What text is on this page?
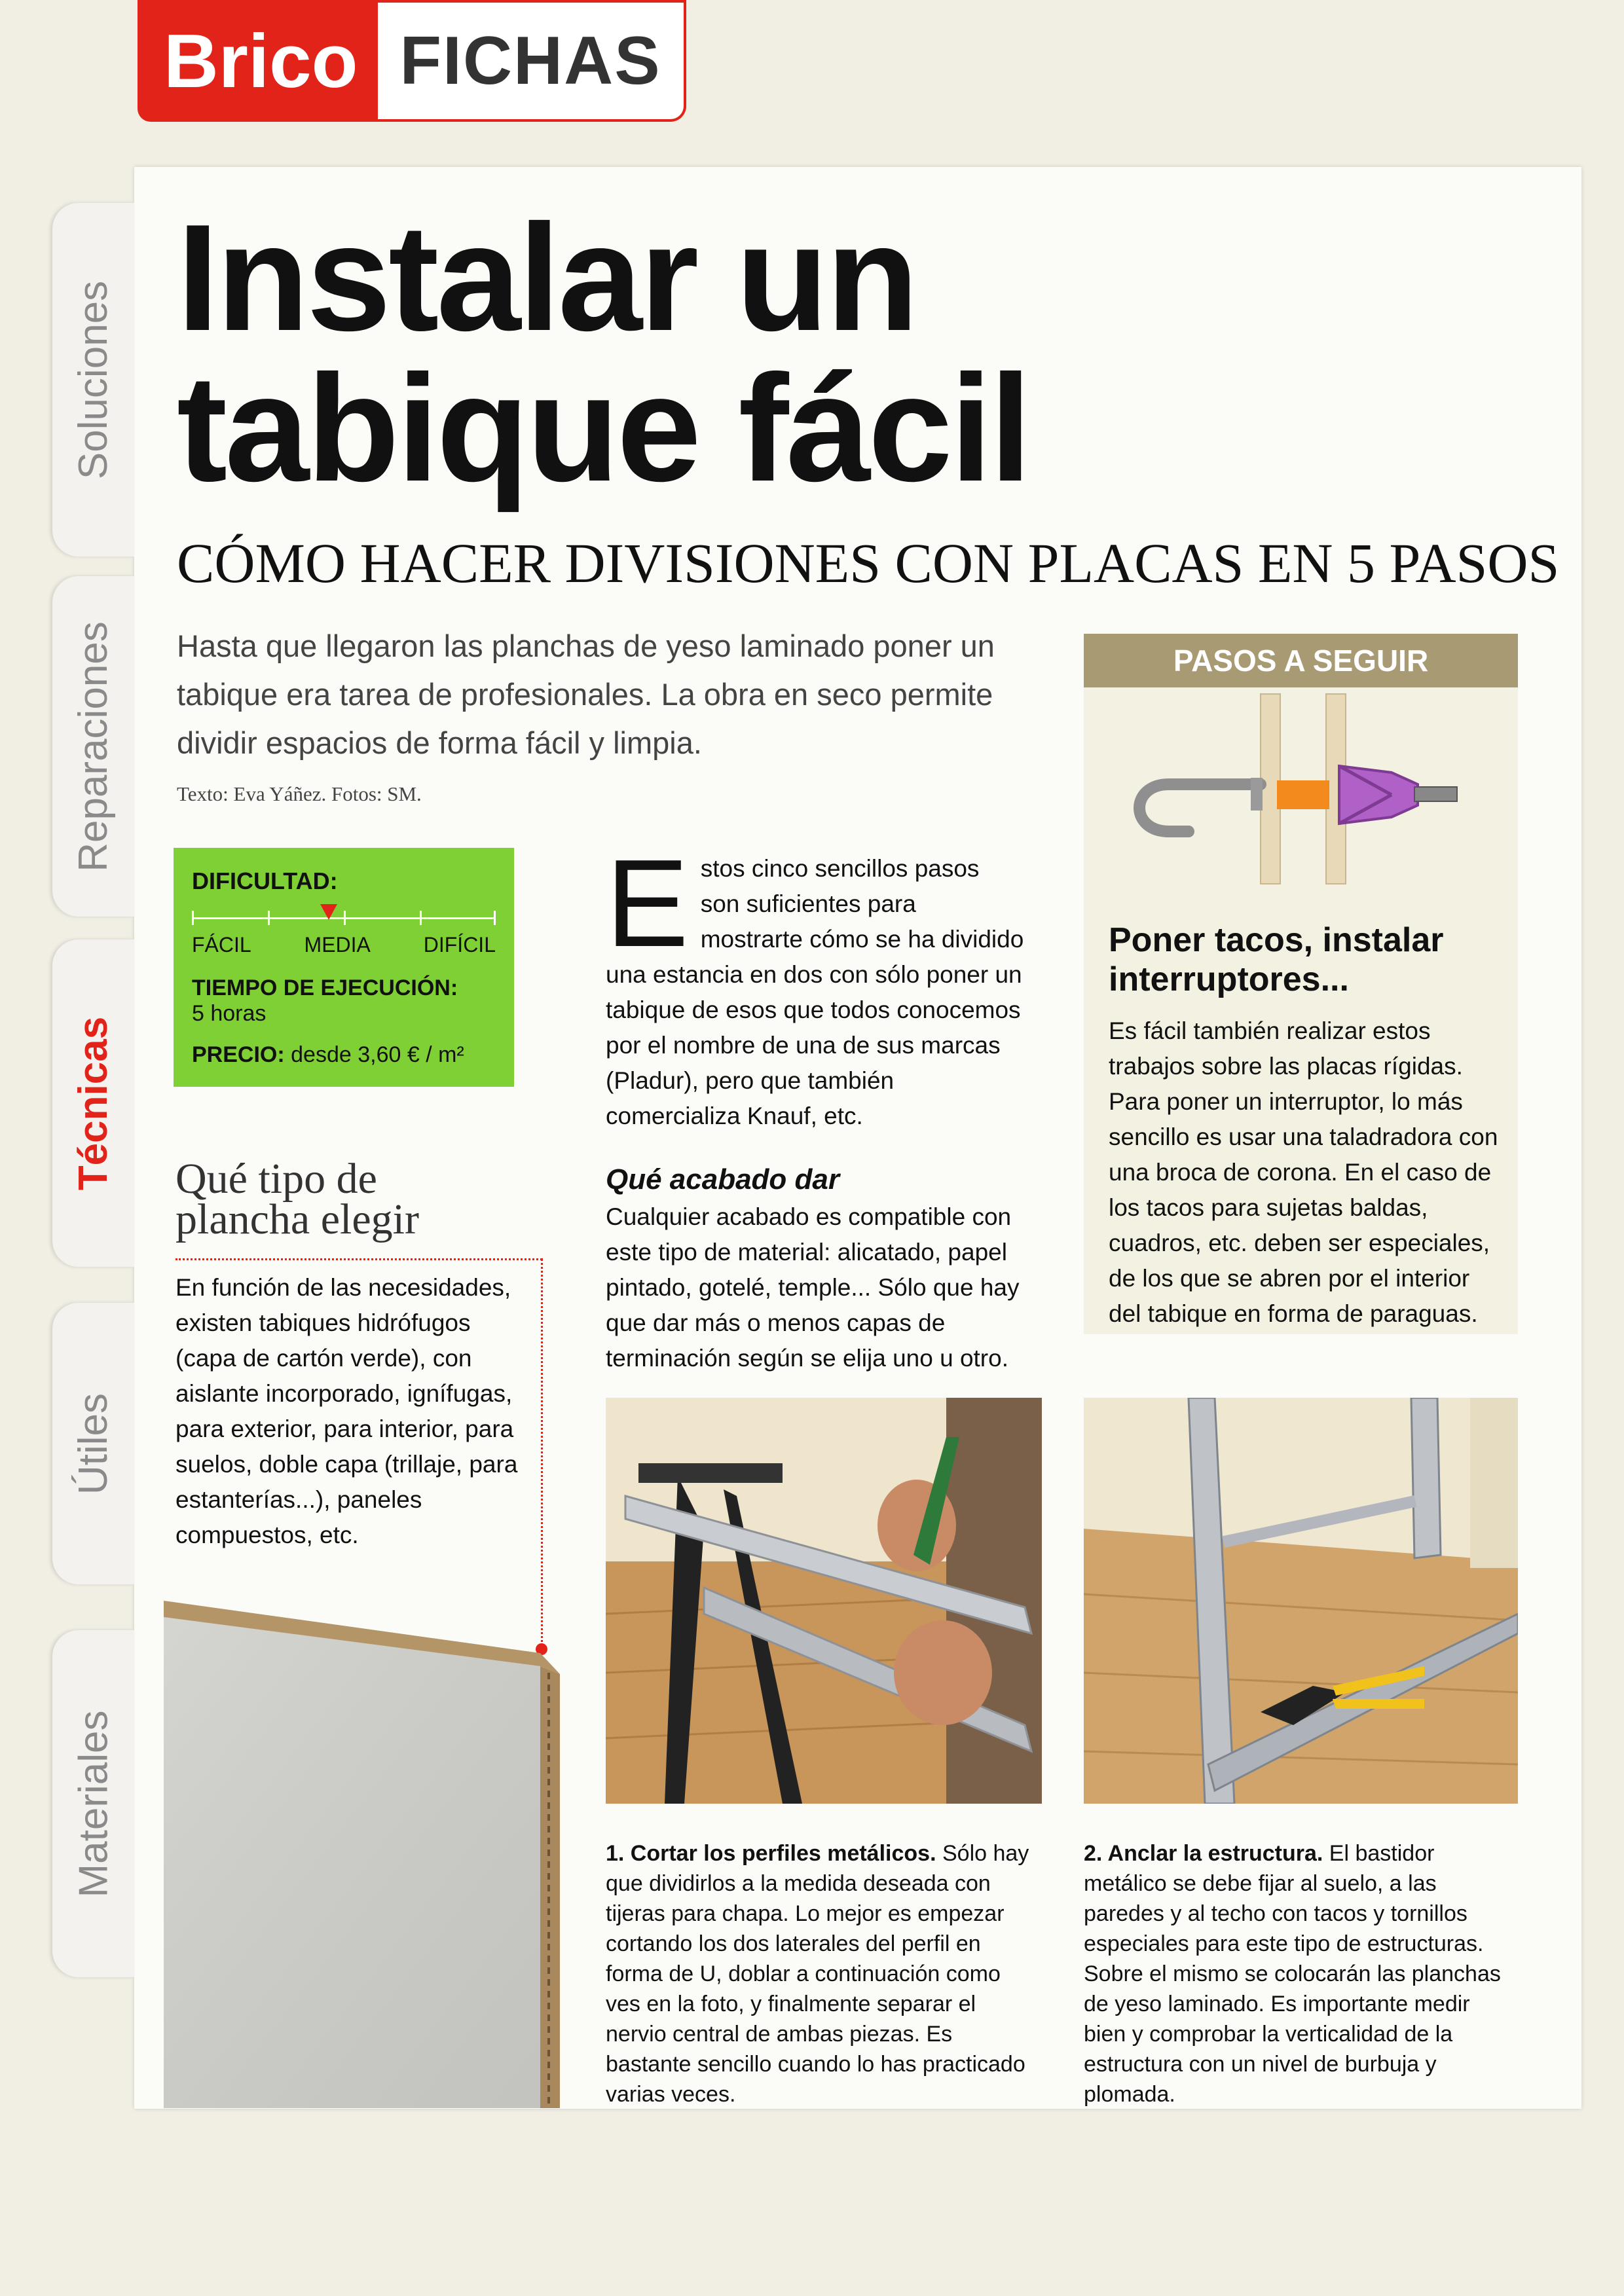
Brico FICHAS
Soluciones
Reparaciones
Técnicas
Útiles
Materiales
Instalar un
tabique fácil
CÓMO HACER DIVISIONES CON PLACAS EN 5 PASOS
Hasta que llegaron las planchas de yeso laminado poner un tabique era tarea de profesionales. La obra en seco permite dividir espacios de forma fácil y limpia.
Texto: Eva Yáñez. Fotos: SM.
DIFICULTAD:
FÁCIL	MEDIA	DIFÍCIL
TIEMPO DE EJECUCIÓN:
5 horas
PRECIO: desde 3,60 € / m²
Qué tipo de
plancha elegir
En función de las necesidades, existen tabiques hidrófugos (capa de cartón verde), con aislante incorporado, ignífugas, para exterior, para interior, para suelos, doble capa (trillaje, para estanterías...), paneles compuestos, etc.
E stos cinco sencillos pasos son suficientes para mostrarte cómo se ha dividido una estancia en dos con sólo poner un tabique de esos que todos conocemos por el nombre de una de sus marcas (Pladur), pero que también comercializa Knauf, etc.
Qué acabado dar
Cualquier acabado es compatible con este tipo de material: alicatado, papel pintado, gotelé, temple... Sólo que hay que dar más o menos capas de terminación según se elija uno u otro.
PASOS A SEGUIR
Poner tacos, instalar
interruptores...
Es fácil también realizar estos trabajos sobre las placas rígidas. Para poner un interruptor, lo más sencillo es usar una taladradora con una broca de corona. En el caso de los tacos para sujetas baldas, cuadros, etc. deben ser especiales, de los que se abren por el interior del tabique en forma de paraguas.
1. Cortar los perfiles metálicos. Sólo hay que dividirlos a la medida deseada con tijeras para chapa. Lo mejor es empezar cortando los dos laterales del perfil en forma de U, doblar a continuación como ves en la foto, y finalmente separar el nervio central de ambas piezas. Es bastante sencillo cuando lo has practicado varias veces.
2. Anclar la estructura. El bastidor metálico se debe fijar al suelo, a las paredes y al techo con tacos y tornillos especiales para este tipo de estructuras. Sobre el mismo se colocarán las planchas de yeso laminado. Es importante medir bien y comprobar la verticalidad de la estructura con un nivel de burbuja y plomada.
